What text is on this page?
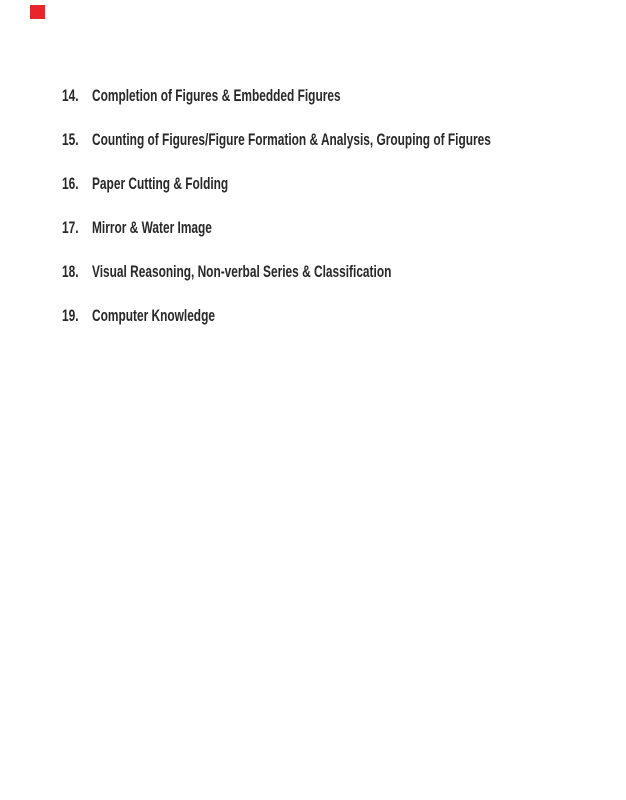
14. Completion of Figures & Embedded Figures
15. Counting of Figures/Figure Formation & Analysis, Grouping of Figures
16. Paper Cutting & Folding
17. Mirror & Water Image
18. Visual Reasoning, Non-verbal Series & Classification
19. Computer Knowledge
